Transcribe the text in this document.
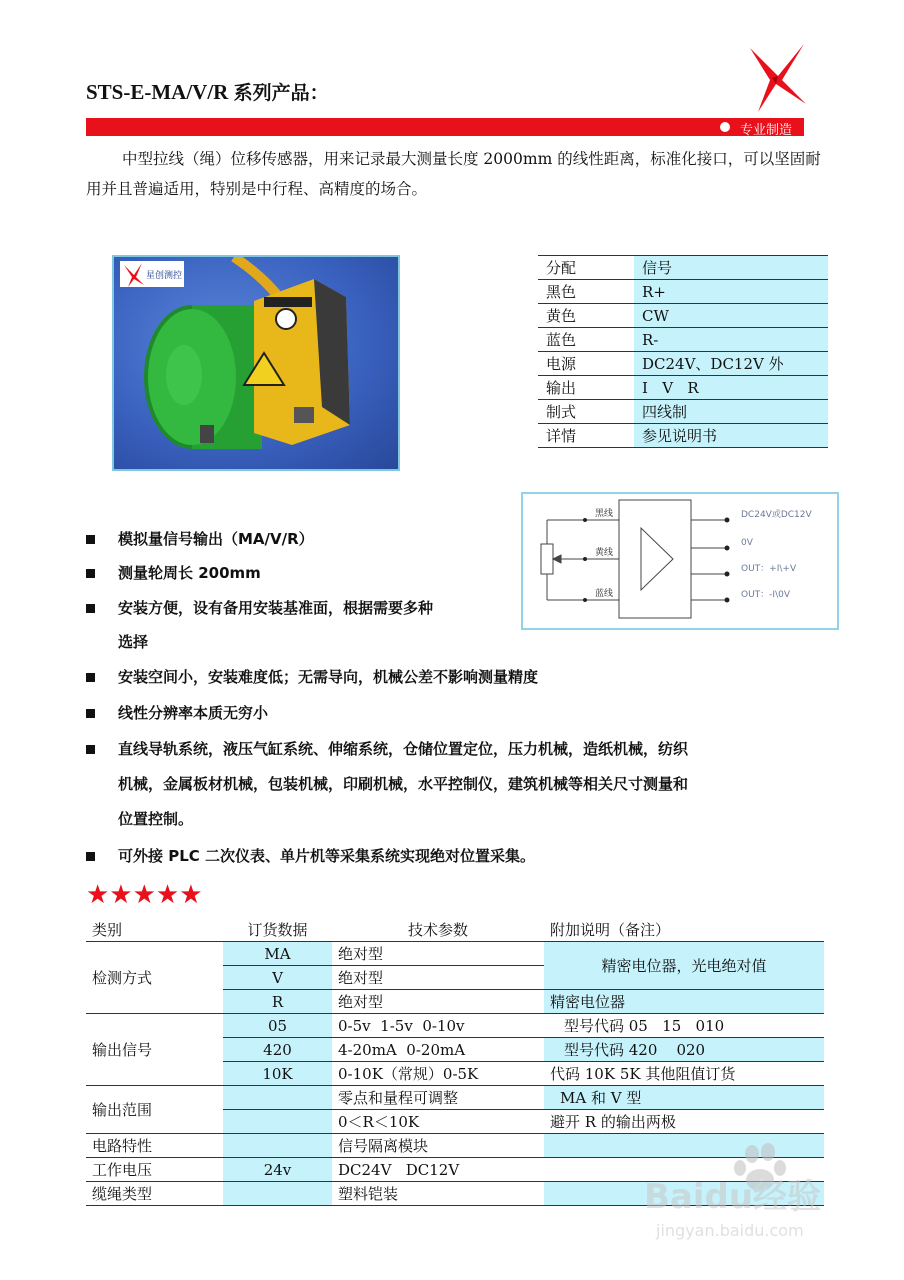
STS-E-MA/V/R 系列产品：
专业制造
中型拉线（绳）位移传感器，用来记录最大测量长度 2000mm 的线性距离，标准化接口，可以坚固耐用并且普遍适用，特别是中行程、高精度的场合。
星创测控	分配	信号
黑色	R+
黄色	CW
蓝色	R-
电源	DC24V、DC12V 外
输出	I   V   R
制式	四线制
详情	参见说明书
黑线
黄线
蓝线
DC24V或DC12V
0V
OUT：+I\+V
OUT：-I\0V
模拟量信号输出（MA/V/R）
测量轮周长 200mm
安装方便，设有备用安装基准面，根据需要多种
选择
安装空间小，安装难度低；无需导向，机械公差不影响测量精度
线性分辨率本质无穷小
直线导轨系统，液压气缸系统、伸缩系统，仓储位置定位，压力机械，造纸机械，纺织
机械，金属板材机械，包装机械，印刷机械，水平控制仪，建筑机械等相关尺寸测量和
位置控制。
可外接 PLC 二次仪表、单片机等采集系统实现绝对位置采集。
★★★★★
类别	订货数据	技术参数	附加说明（备注）
检测方式	MA	绝对型	精密电位器，光电绝对值
	V	绝对型	
	R	绝对型	精密电位器
输出信号	05	0-5v  1-5v  0-10v	型号代码 05   15   010
	420	4-20mA  0-20mA	型号代码 420    020
	10K	0-10K（常规）0-5K	代码 10K 5K 其他阻值订货
输出范围		零点和量程可调整	MA 和 V 型
		0＜R＜10K	避开 R 的输出两极
电路特性		信号隔离模块	
工作电压	24v	DC24V   DC12V	
缆绳类型		塑料铠装		Baidu经验
jingyan.baidu.com
